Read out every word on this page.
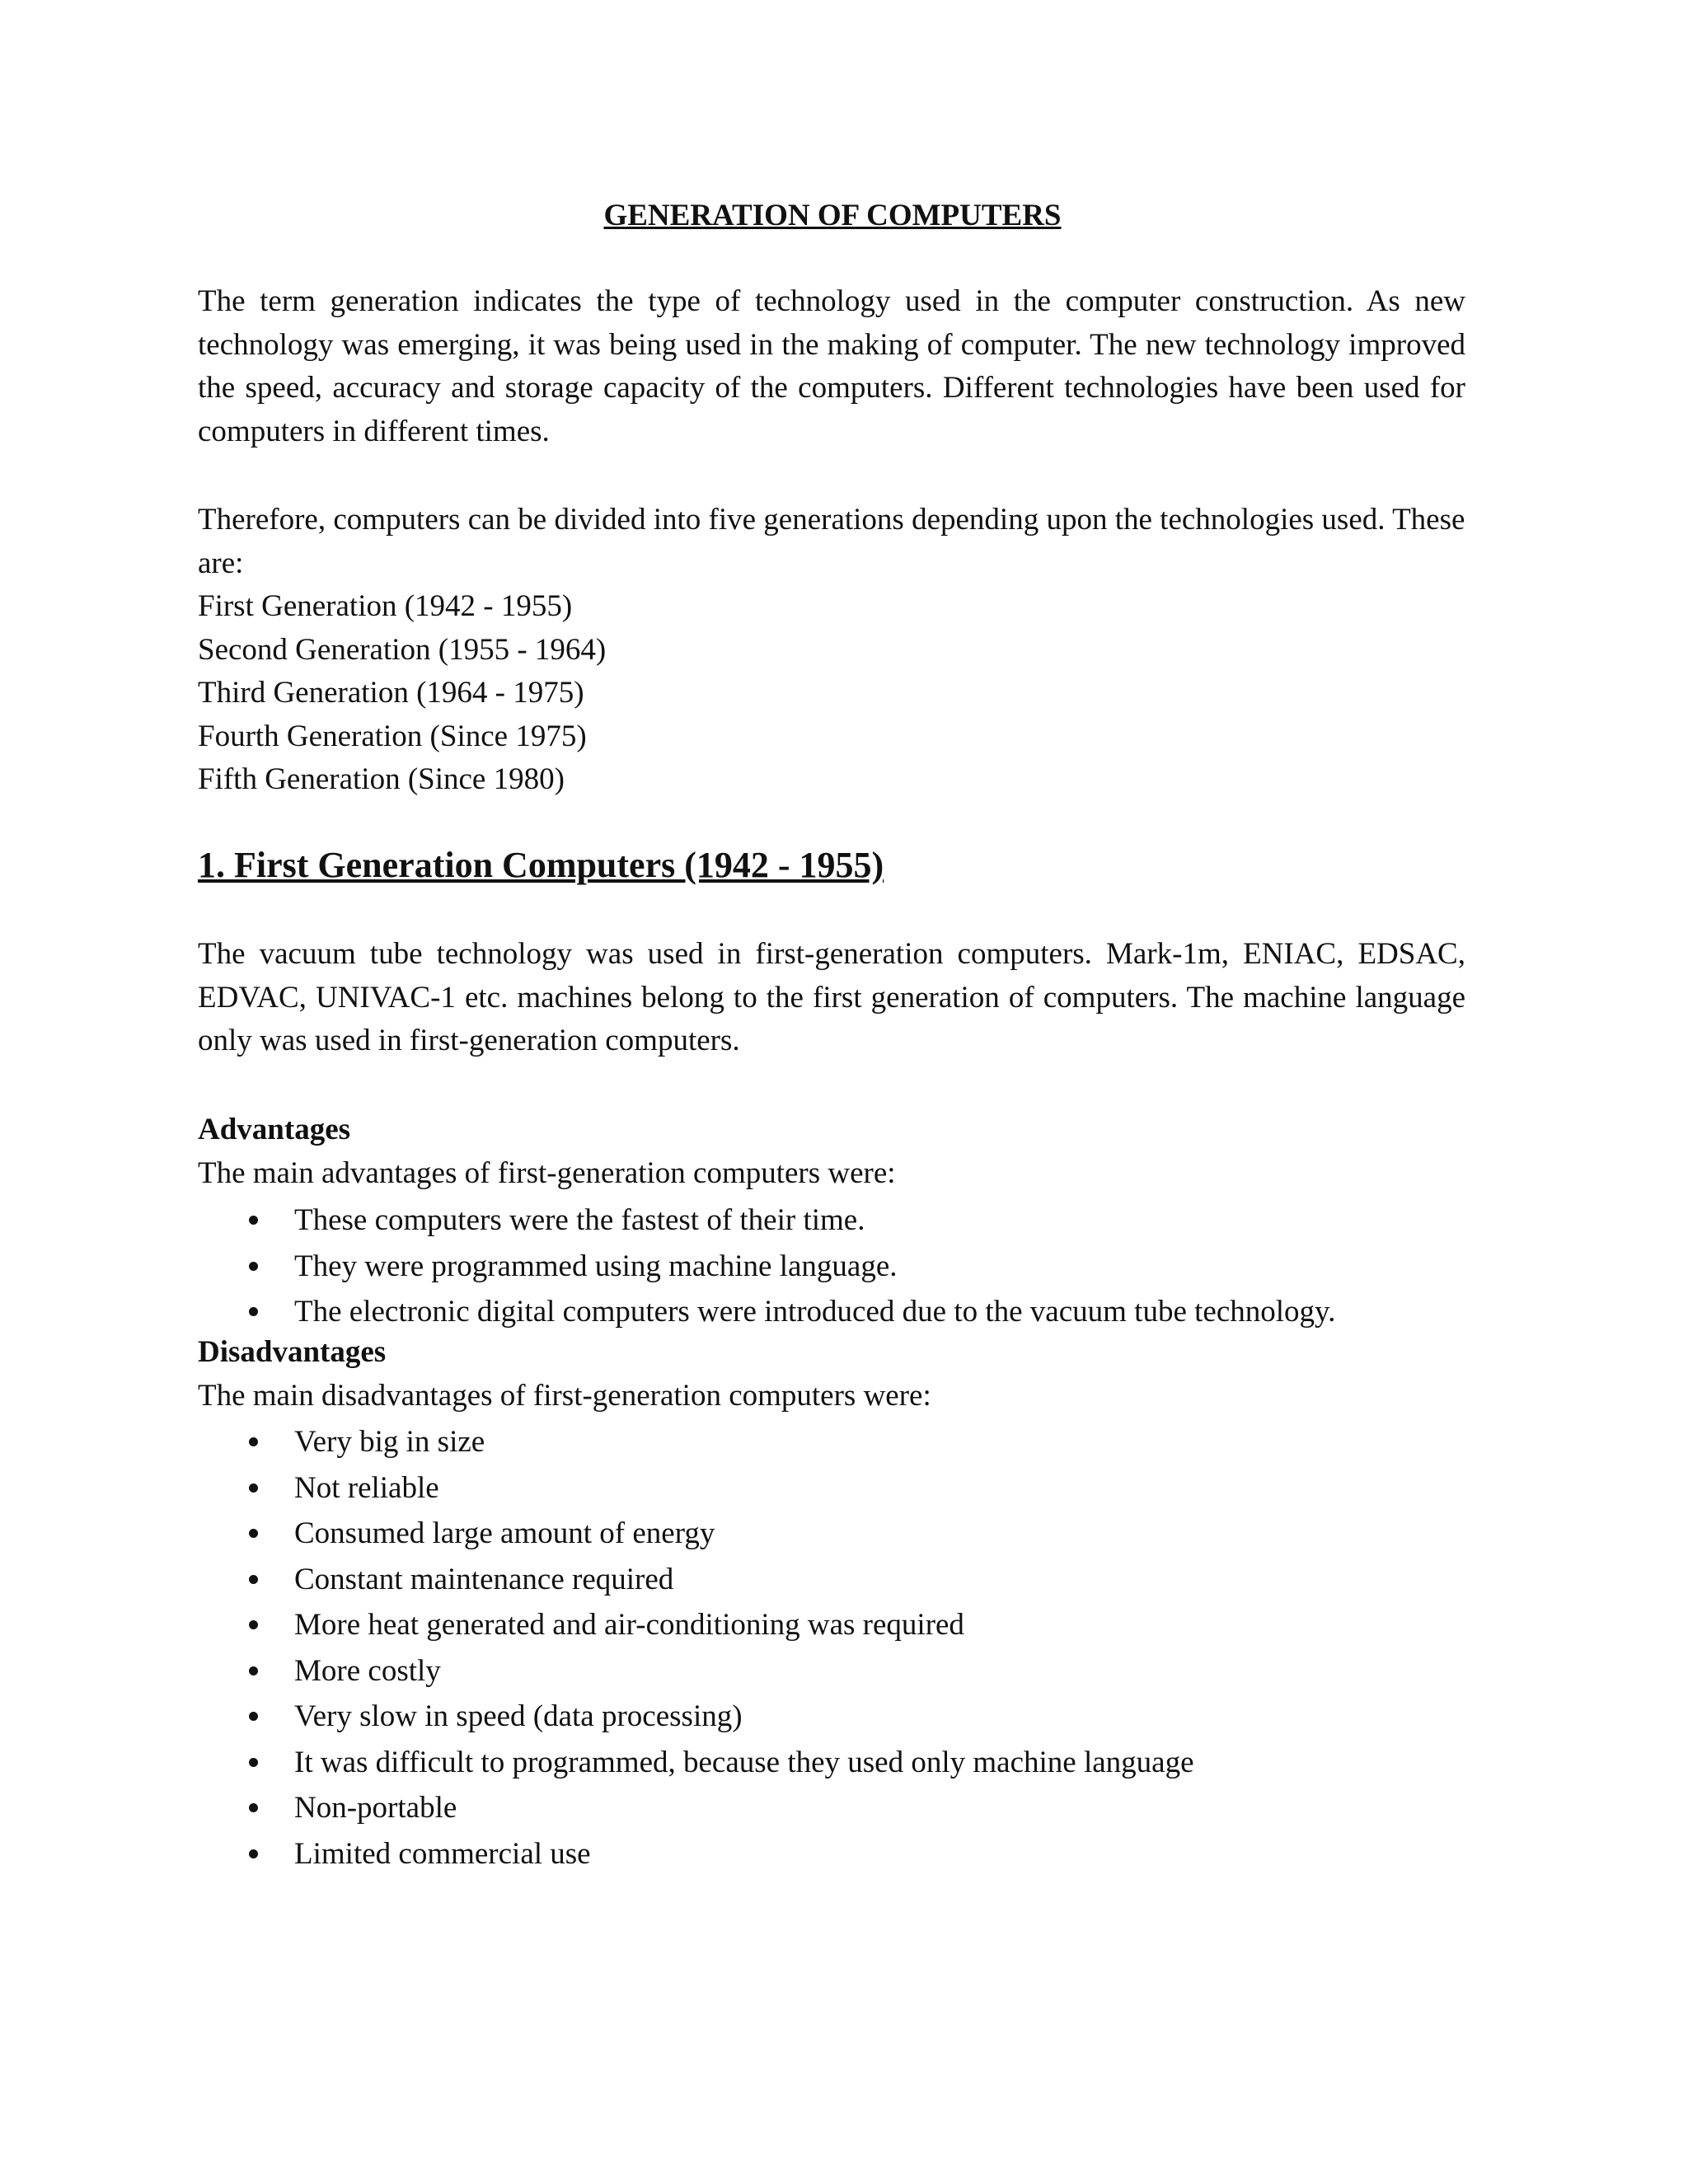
GENERATION OF COMPUTERS

The term generation indicates the type of technology used in the computer construction. As new technology was emerging, it was being used in the making of computer. The new technology improved the speed, accuracy and storage capacity of the computers. Different technologies have been used for computers in different times.

Therefore, computers can be divided into five generations depending upon the technologies used. These are:

First Generation (1942 - 1955)
Second Generation (1955 - 1964)
Third Generation (1964 - 1975)
Fourth Generation (Since 1975)
Fifth Generation (Since 1980)
1. First Generation Computers (1942 - 1955)

The vacuum tube technology was used in first-generation computers. Mark-1m, ENIAC, EDSAC, EDVAC, UNIVAC-1 etc. machines belong to the first generation of computers. The machine language only was used in first-generation computers.

Advantages

The main advantages of first-generation computers were:

These computers were the fastest of their time.
They were programmed using machine language.
The electronic digital computers were introduced due to the vacuum tube technology.
Disadvantages

The main disadvantages of first-generation computers were:

Very big in size
Not reliable
Consumed large amount of energy
Constant maintenance required
More heat generated and air-conditioning was required
More costly
Very slow in speed (data processing)
It was difficult to programmed, because they used only machine language
Non-portable
Limited commercial use
